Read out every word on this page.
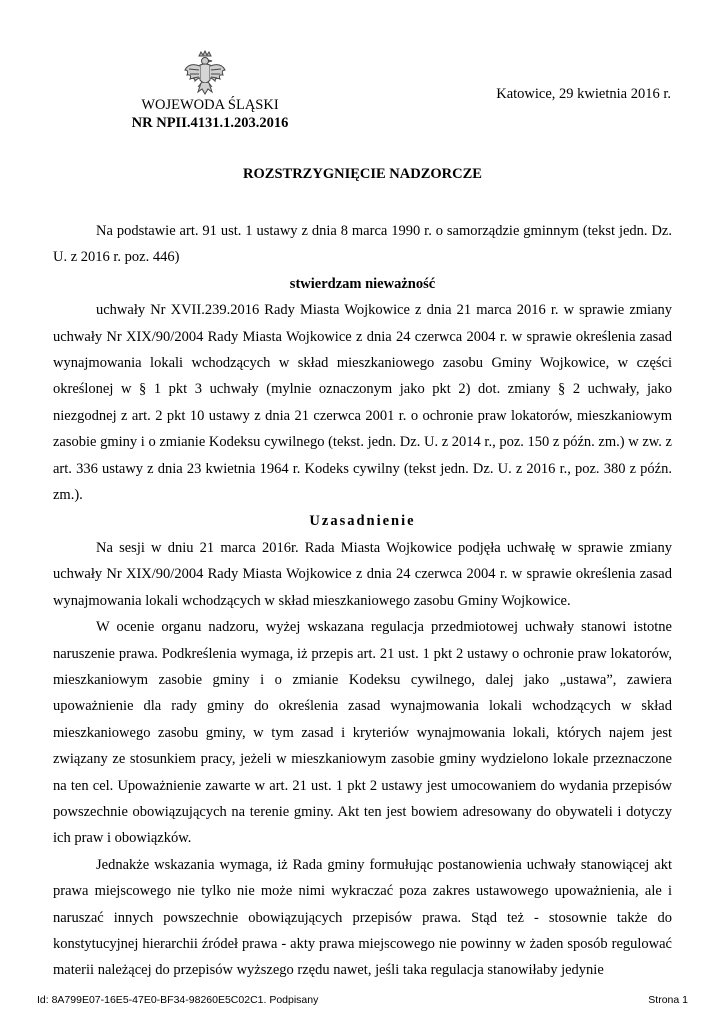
WOJEWODA ŚLĄSKI
NR NPII.4131.1.203.2016
Katowice, 29 kwietnia 2016 r.
ROZSTRZYGNIĘCIE NADZORCZE

Na podstawie art. 91 ust. 1 ustawy z dnia 8 marca 1990 r. o samorządzie gminnym (tekst jedn. Dz. U. z 2016 r. poz. 446)

stwierdzam nieważność

uchwały Nr XVII.239.2016 Rady Miasta Wojkowice z dnia 21 marca 2016 r. w sprawie zmiany uchwały Nr XIX/90/2004 Rady Miasta Wojkowice z dnia 24 czerwca 2004 r. w sprawie określenia zasad wynajmowania lokali wchodzących w skład mieszkaniowego zasobu Gminy Wojkowice, w części określonej w § 1 pkt 3 uchwały (mylnie oznaczonym jako pkt 2) dot. zmiany § 2 uchwały, jako niezgodnej z art. 2 pkt 10 ustawy z dnia 21 czerwca 2001 r. o ochronie praw lokatorów, mieszkaniowym zasobie gminy i o zmianie Kodeksu cywilnego (tekst. jedn. Dz. U. z 2014 r., poz. 150 z późn. zm.) w zw. z art. 336 ustawy z dnia 23 kwietnia 1964 r. Kodeks cywilny (tekst jedn. Dz. U. z 2016 r., poz. 380 z późn. zm.).

Uzasadnienie

Na sesji w dniu 21 marca 2016r. Rada Miasta Wojkowice podjęła uchwałę w sprawie zmiany uchwały Nr XIX/90/2004 Rady Miasta Wojkowice z dnia 24 czerwca 2004 r. w sprawie określenia zasad wynajmowania lokali wchodzących w skład mieszkaniowego zasobu Gminy Wojkowice.

W ocenie organu nadzoru, wyżej wskazana regulacja przedmiotowej uchwały stanowi istotne naruszenie prawa. Podkreślenia wymaga, iż przepis art. 21 ust. 1 pkt 2 ustawy o ochronie praw lokatorów, mieszkaniowym zasobie gminy i o zmianie Kodeksu cywilnego, dalej jako „ustawa”, zawiera upoważnienie dla rady gminy do określenia zasad wynajmowania lokali wchodzących w skład mieszkaniowego zasobu gminy, w tym zasad i kryteriów wynajmowania lokali, których najem jest związany ze stosunkiem pracy, jeżeli w mieszkaniowym zasobie gminy wydzielono lokale przeznaczone na ten cel. Upoważnienie zawarte w art. 21 ust. 1 pkt 2 ustawy jest umocowaniem do wydania przepisów powszechnie obowiązujących na terenie gminy. Akt ten jest bowiem adresowany do obywateli i dotyczy ich praw i obowiązków.

Jednakże wskazania wymaga, iż Rada gminy formułując postanowienia uchwały stanowiącej akt prawa miejscowego nie tylko nie może nimi wykraczać poza zakres ustawowego upoważnienia, ale i naruszać innych powszechnie obowiązujących przepisów prawa. Stąd też - stosownie także do konstytucyjnej hierarchii źródeł prawa - akty prawa miejscowego nie powinny w żaden sposób regulować materii należącej do przepisów wyższego rzędu nawet, jeśli taka regulacja stanowiłaby jedynie

Id: 8A799E07-16E5-47E0-BF34-98260E5C02C1. Podpisany	Strona 1
